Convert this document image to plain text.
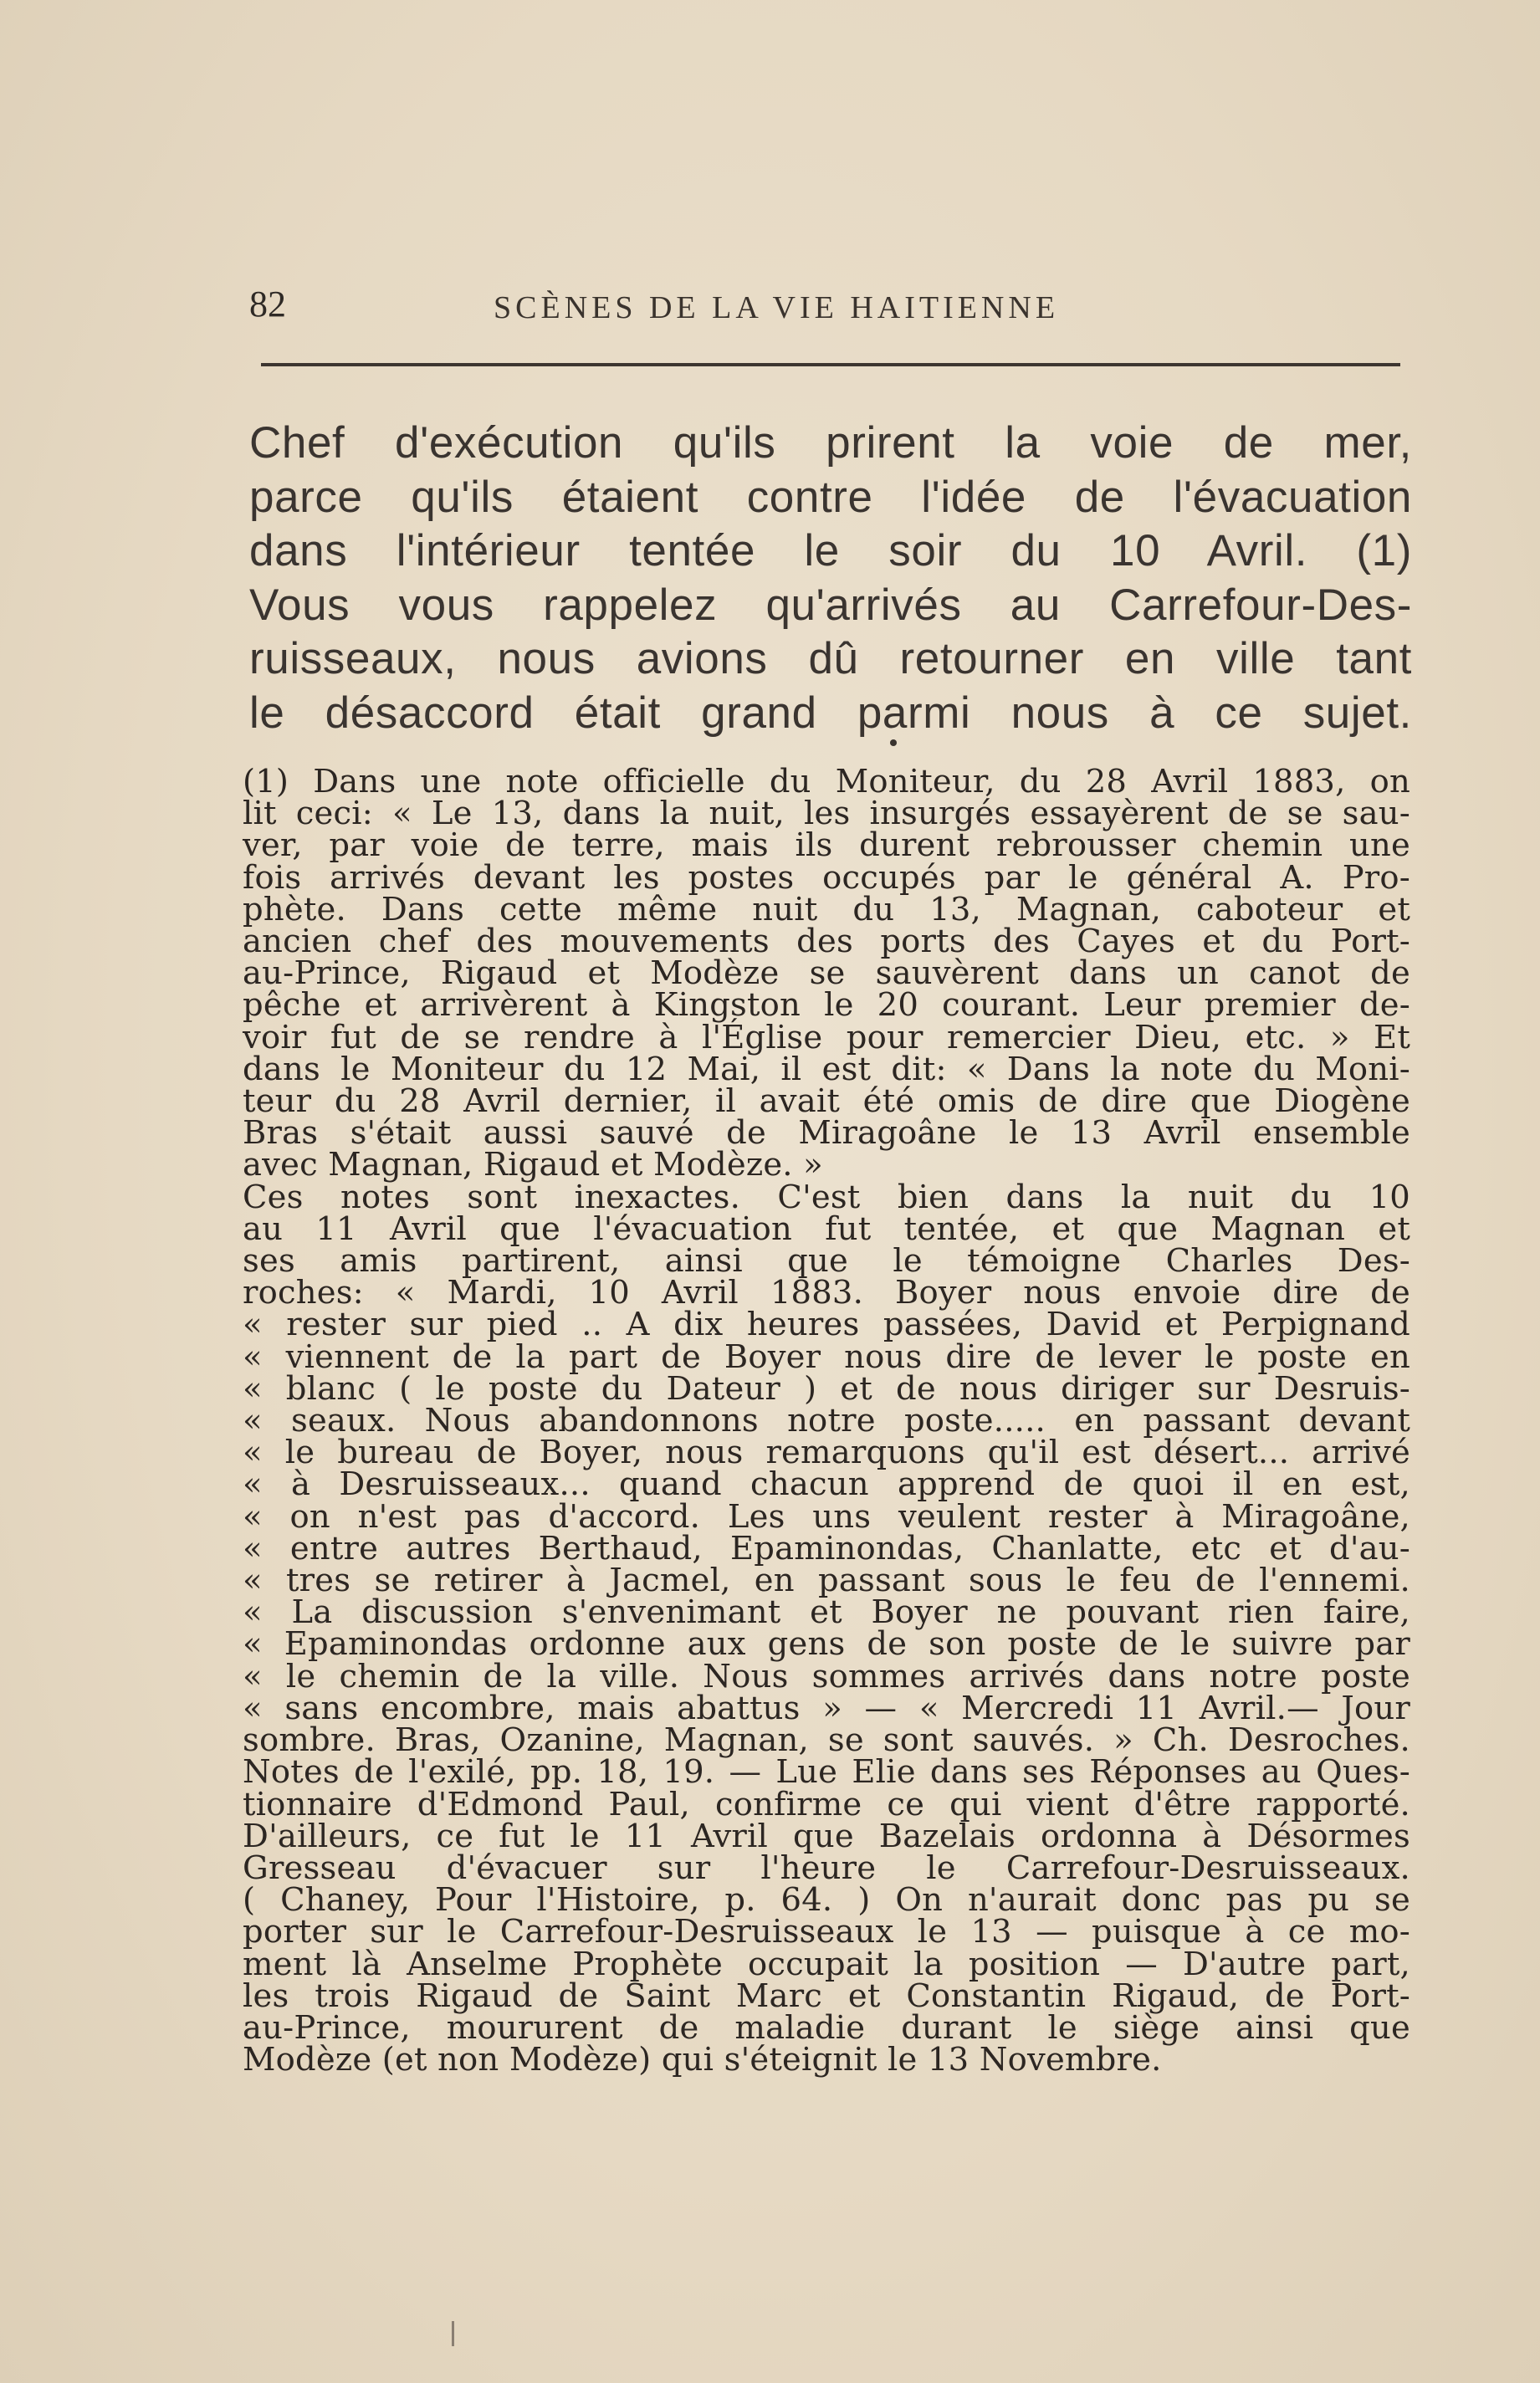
82	SCÈNES DE LA VIE HAITIENNE
Chef d'exécution qu'ils prirent la voie de mer,
parce qu'ils étaient contre l'idée de l'évacuation
dans l'intérieur tentée le soir du 10 Avril. (1)
Vous vous rappelez qu'arrivés au Carrefour-Des-
ruisseaux, nous avions dû retourner en ville tant
le désaccord était grand parmi nous à ce sujet.
(1) Dans une note officielle du Moniteur, du 28 Avril 1883, on
lit ceci: « Le 13, dans la nuit, les insurgés essayèrent de se sau-
ver, par voie de terre, mais ils durent rebrousser chemin une
fois arrivés devant les postes occupés par le général A. Pro-
phète. Dans cette même nuit du 13, Magnan, caboteur et
ancien chef des mouvements des ports des Cayes et du Port-
au-Prince, Rigaud et Modèze se sauvèrent dans un canot de
pêche et arrivèrent à Kingston le 20 courant. Leur premier de-
voir fut de se rendre à l'Église pour remercier Dieu, etc. » Et
dans le Moniteur du 12 Mai, il est dit: « Dans la note du Moni-
teur du 28 Avril dernier, il avait été omis de dire que Diogène
Bras s'était aussi sauvé de Miragoâne le 13 Avril ensemble
avec Magnan, Rigaud et Modèze. »
Ces notes sont inexactes. C'est bien dans la nuit du 10
au 11 Avril que l'évacuation fut tentée, et que Magnan et
ses amis partirent, ainsi que le témoigne Charles Des-
roches: « Mardi, 10 Avril 1883. Boyer nous envoie dire de
« rester sur pied .. A dix heures passées, David et Perpignand
« viennent de la part de Boyer nous dire de lever le poste en
« blanc ( le poste du Dateur ) et de nous diriger sur Desruis-
« seaux. Nous abandonnons notre poste..... en passant devant
« le bureau de Boyer, nous remarquons qu'il est désert... arrivé
« à Desruisseaux... quand chacun apprend de quoi il en est,
« on n'est pas d'accord. Les uns veulent rester à Miragoâne,
« entre autres Berthaud, Epaminondas, Chanlatte, etc et d'au-
« tres se retirer à Jacmel, en passant sous le feu de l'ennemi.
« La discussion s'envenimant et Boyer ne pouvant rien faire,
« Epaminondas ordonne aux gens de son poste de le suivre par
« le chemin de la ville. Nous sommes arrivés dans notre poste
« sans encombre, mais abattus » — « Mercredi 11 Avril.— Jour
sombre. Bras, Ozanine, Magnan, se sont sauvés. » Ch. Desroches.
Notes de l'exilé, pp. 18, 19. — Lue Elie dans ses Réponses au Ques-
tionnaire d'Edmond Paul, confirme ce qui vient d'être rapporté.
D'ailleurs, ce fut le 11 Avril que Bazelais ordonna à Désormes
Gresseau d'évacuer sur l'heure le Carrefour-Desruisseaux.
( Chaney, Pour l'Histoire, p. 64. ) On n'aurait donc pas pu se
porter sur le Carrefour-Desruisseaux le 13 — puisque à ce mo-
ment là Anselme Prophète occupait la position — D'autre part,
les trois Rigaud de Saint Marc et Constantin Rigaud, de Port-
au-Prince, moururent de maladie durant le siège ainsi que
Modèze (et non Modèze) qui s'éteignit le 13 Novembre.
